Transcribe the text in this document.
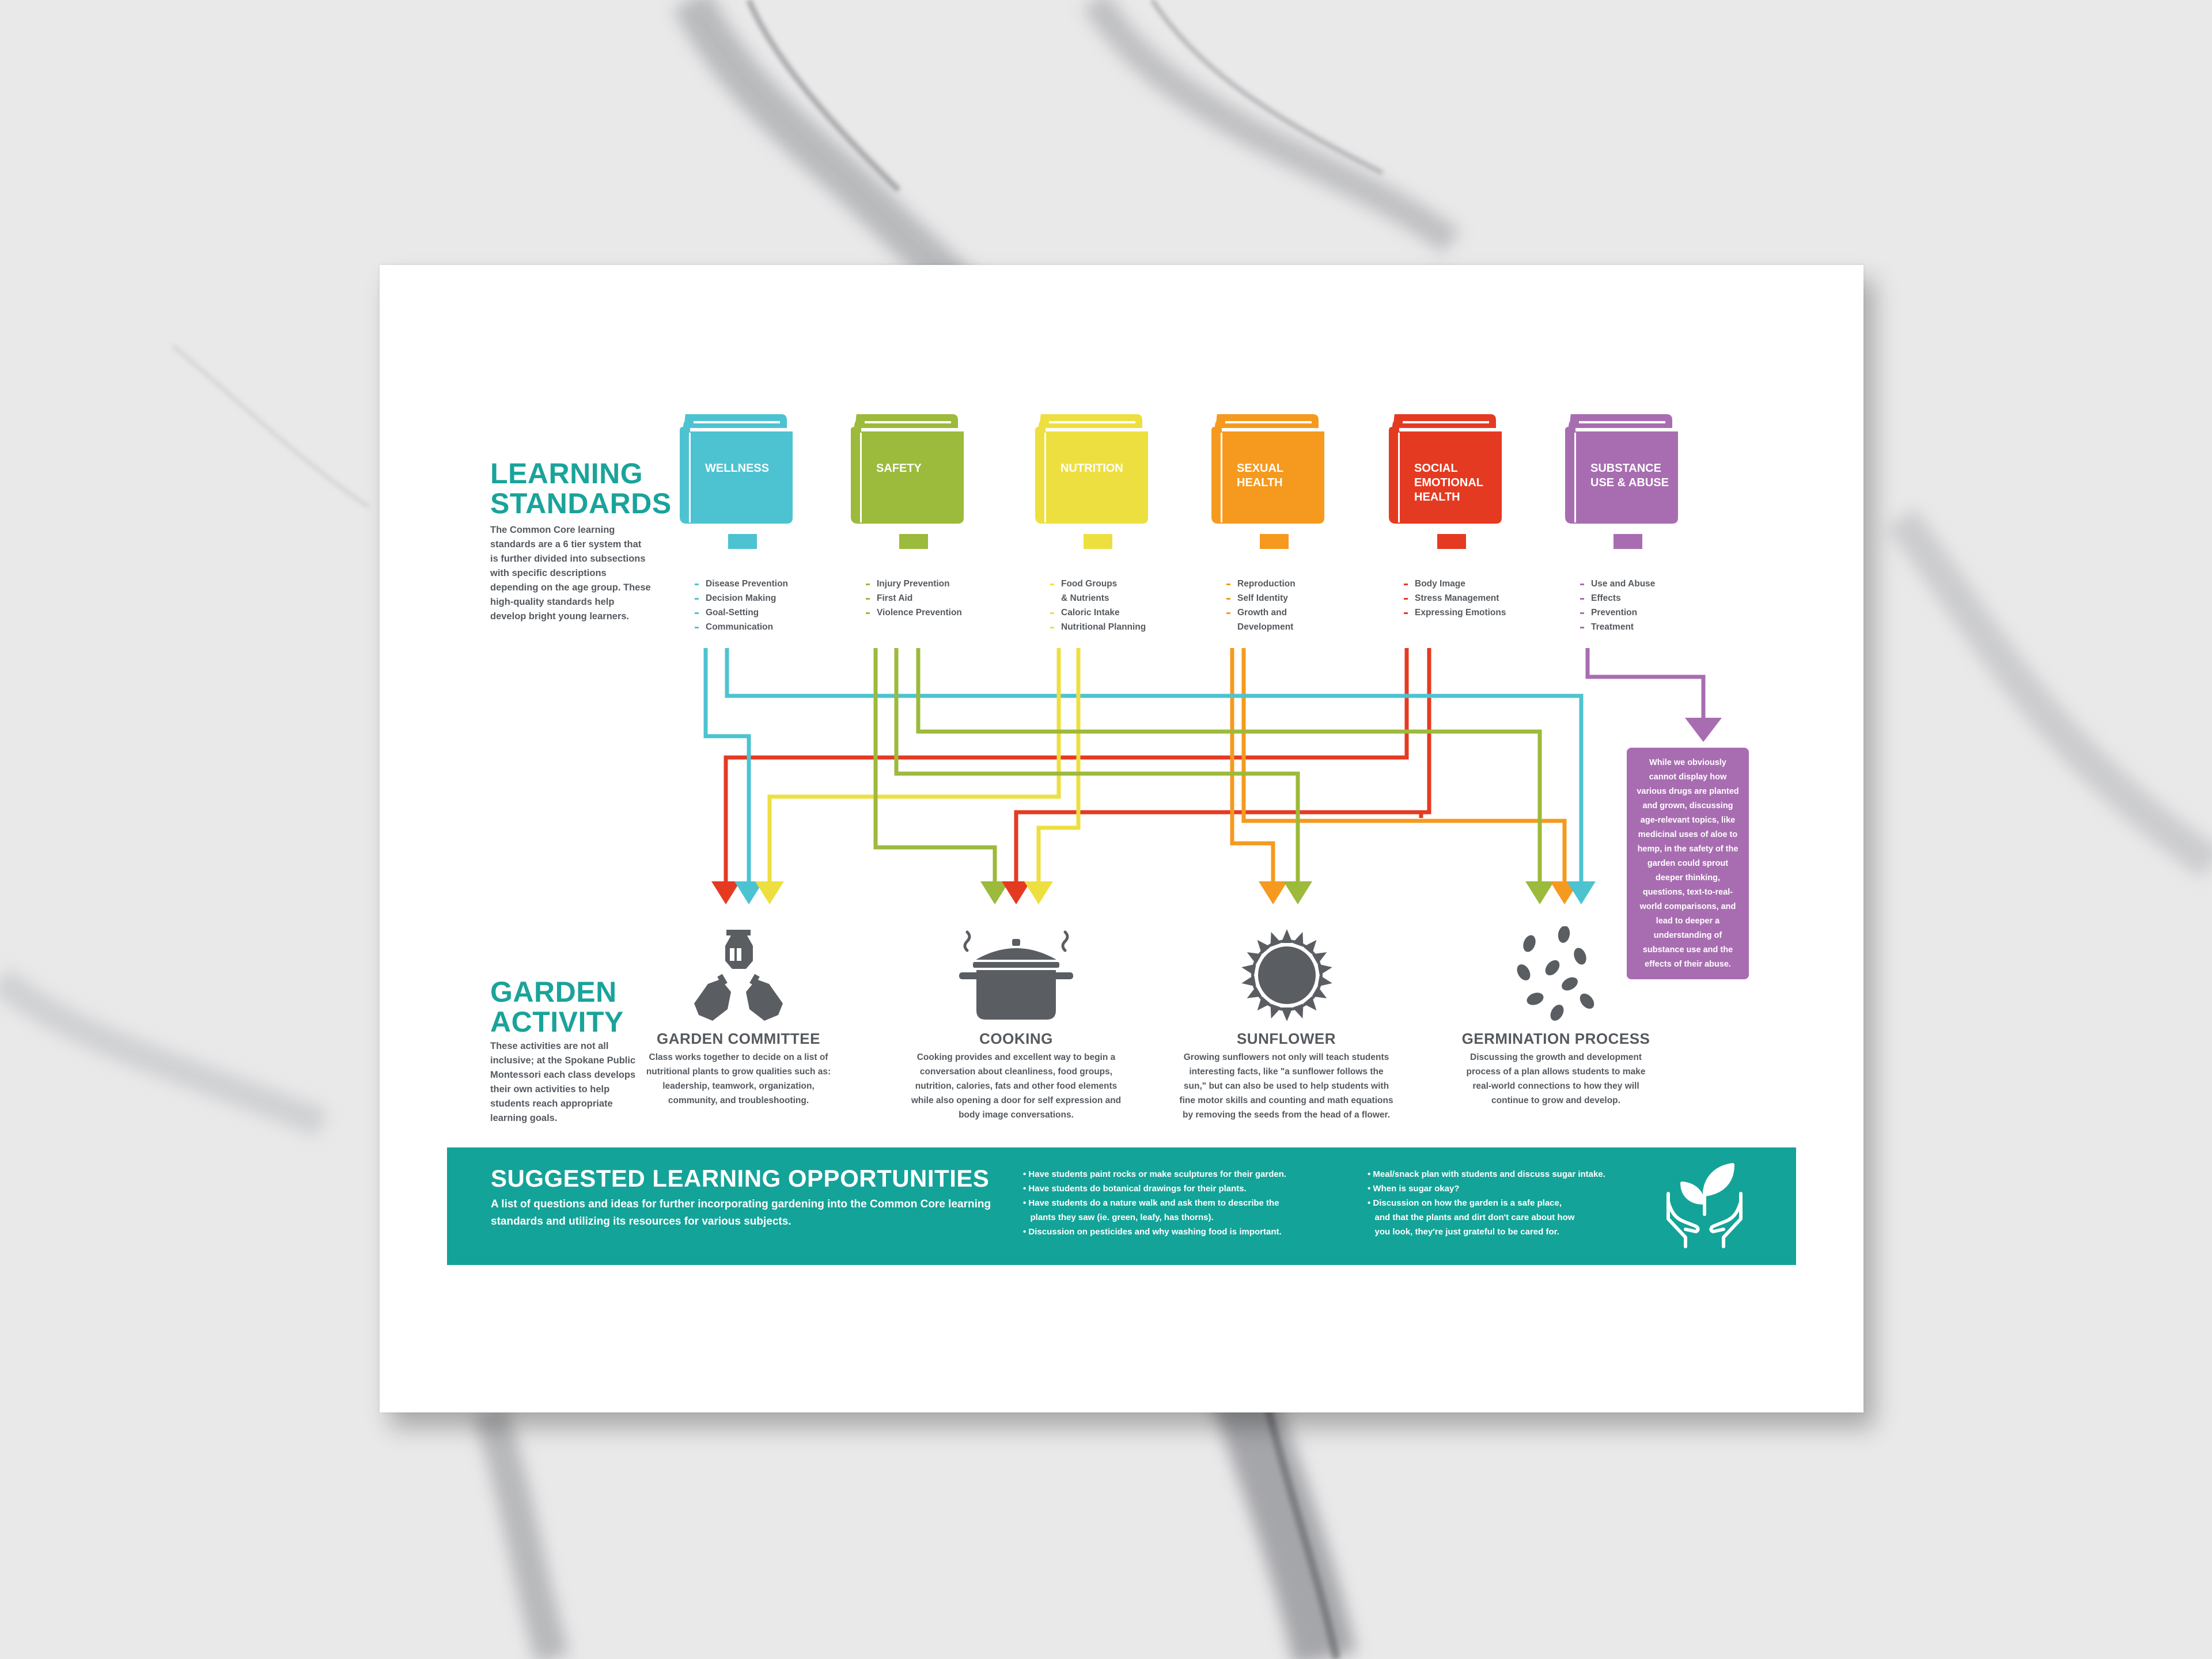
LEARNING
STANDARDS
The Common Core learning standards are a 6 tier system that is further divided into subsections with specific descriptions depending on the age group. These high-quality standards help develop bright young learners.
WELLNESS	SAFETY	NUTRITION	SEXUAL HEALTH
SOCIAL EMOTIONAL HEALTH
SUBSTANCE USE & ABUSE
Disease Prevention
Decision Making
Goal-Setting
Communication
Injury Prevention
First Aid
Violence Prevention
Food Groups
& Nutrients
Caloric Intake
Nutritional Planning
Reproduction
Self Identity
Growth and
Development
Body Image
Stress Management
Expressing Emotions
Use and Abuse
Effects
Prevention
Treatment
While we obviously cannot display how various drugs are planted and grown, discussing age-relevant topics, like medicinal uses of aloe to hemp, in the safety of the garden could sprout deeper thinking, questions, text-to-real-world comparisons, and lead to deeper a understanding of substance use and the effects of their abuse.
GARDEN
ACTIVITY
These activities are not all inclusive; at the Spokane Public Montessori each class develops their own activities to help students reach appropriate learning goals.
GARDEN COMMITTEE
Class works together to decide on a list of nutritional plants to grow qualities such as: leadership, teamwork, organization, community, and troubleshooting.
COOKING
Cooking provides and excellent way to begin a conversation about cleanliness, food groups, nutrition, calories, fats and other food elements while also opening a door for self expression and body image conversations.
SUNFLOWER
Growing sunflowers not only will teach students interesting facts, like "a sunflower follows the sun," but can also be used to help students with fine motor skills and counting and math equations by removing the seeds from the head of a flower.
GERMINATION PROCESS
Discussing the growth and development process of a plan allows students to make real-world connections to how they will continue to grow and develop.
SUGGESTED LEARNING OPPORTUNITIES
A list of questions and ideas for further incorporating gardening into the Common Core learning standards and utilizing its resources for various subjects.
• Have students paint rocks or make sculptures for their garden.
• Have students do botanical drawings for their plants.
• Have students do a nature walk and ask them to describe the
plants they saw (ie. green, leafy, has thorns).
• Discussion on pesticides and why washing food is important.
• Meal/snack plan with students and discuss sugar intake.
• When is sugar okay?
• Discussion on how the garden is a safe place,
and that the plants and dirt don't care about how
you look, they're just grateful to be cared for.
